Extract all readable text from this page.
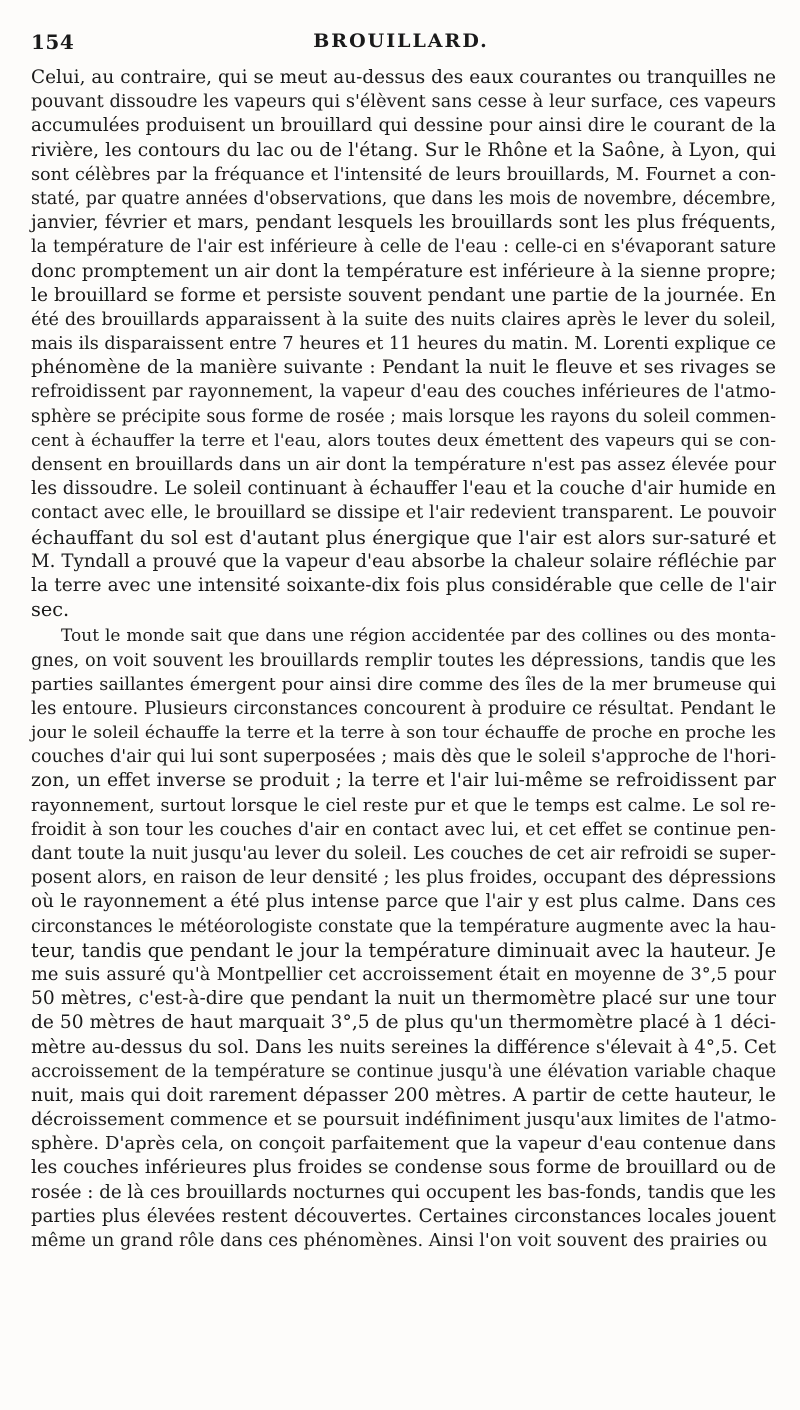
154	BROUILLARD.
Celui, au contraire, qui se meut au-dessus des eaux courantes ou tranquilles ne
pouvant dissoudre les vapeurs qui s'élèvent sans cesse à leur surface, ces vapeurs
accumulées produisent un brouillard qui dessine pour ainsi dire le courant de la
rivière, les contours du lac ou de l'étang. Sur le Rhône et la Saône, à Lyon, qui
sont célèbres par la fréquance et l'intensité de leurs brouillards, M. Fournet a con-
staté, par quatre années d'observations, que dans les mois de novembre, décembre,
janvier, février et mars, pendant lesquels les brouillards sont les plus fréquents,
la température de l'air est inférieure à celle de l'eau : celle-ci en s'évaporant sature
donc promptement un air dont la température est inférieure à la sienne propre;
le brouillard se forme et persiste souvent pendant une partie de la journée. En
été des brouillards apparaissent à la suite des nuits claires après le lever du soleil,
mais ils disparaissent entre 7 heures et 11 heures du matin. M. Lorenti explique ce
phénomène de la manière suivante : Pendant la nuit le fleuve et ses rivages se
refroidissent par rayonnement, la vapeur d'eau des couches inférieures de l'atmo-
sphère se précipite sous forme de rosée ; mais lorsque les rayons du soleil commen-
cent à échauffer la terre et l'eau, alors toutes deux émettent des vapeurs qui se con-
densent en brouillards dans un air dont la température n'est pas assez élevée pour
les dissoudre. Le soleil continuant à échauffer l'eau et la couche d'air humide en
contact avec elle, le brouillard se dissipe et l'air redevient transparent. Le pouvoir
échauffant du sol est d'autant plus énergique que l'air est alors sur-saturé et
M. Tyndall a prouvé que la vapeur d'eau absorbe la chaleur solaire réfléchie par
la terre avec une intensité soixante-dix fois plus considérable que celle de l'air
sec.
Tout le monde sait que dans une région accidentée par des collines ou des monta-
gnes, on voit souvent les brouillards remplir toutes les dépressions, tandis que les
parties saillantes émergent pour ainsi dire comme des îles de la mer brumeuse qui
les entoure. Plusieurs circonstances concourent à produire ce résultat. Pendant le
jour le soleil échauffe la terre et la terre à son tour échauffe de proche en proche les
couches d'air qui lui sont superposées ; mais dès que le soleil s'approche de l'hori-
zon, un effet inverse se produit ; la terre et l'air lui-même se refroidissent par
rayonnement, surtout lorsque le ciel reste pur et que le temps est calme. Le sol re-
froidit à son tour les couches d'air en contact avec lui, et cet effet se continue pen-
dant toute la nuit jusqu'au lever du soleil. Les couches de cet air refroidi se super-
posent alors, en raison de leur densité ; les plus froides, occupant des dépressions
où le rayonnement a été plus intense parce que l'air y est plus calme. Dans ces
circonstances le météorologiste constate que la température augmente avec la hau-
teur, tandis que pendant le jour la température diminuait avec la hauteur. Je
me suis assuré qu'à Montpellier cet accroissement était en moyenne de 3°,5 pour
50 mètres, c'est-à-dire que pendant la nuit un thermomètre placé sur une tour
de 50 mètres de haut marquait 3°,5 de plus qu'un thermomètre placé à 1 déci-
mètre au-dessus du sol. Dans les nuits sereines la différence s'élevait à 4°,5. Cet
accroissement de la température se continue jusqu'à une élévation variable chaque
nuit, mais qui doit rarement dépasser 200 mètres. A partir de cette hauteur, le
décroissement commence et se poursuit indéfiniment jusqu'aux limites de l'atmo-
sphère. D'après cela, on conçoit parfaitement que la vapeur d'eau contenue dans
les couches inférieures plus froides se condense sous forme de brouillard ou de
rosée : de là ces brouillards nocturnes qui occupent les bas-fonds, tandis que les
parties plus élevées restent découvertes. Certaines circonstances locales jouent
même un grand rôle dans ces phénomènes. Ainsi l'on voit souvent des prairies ou
